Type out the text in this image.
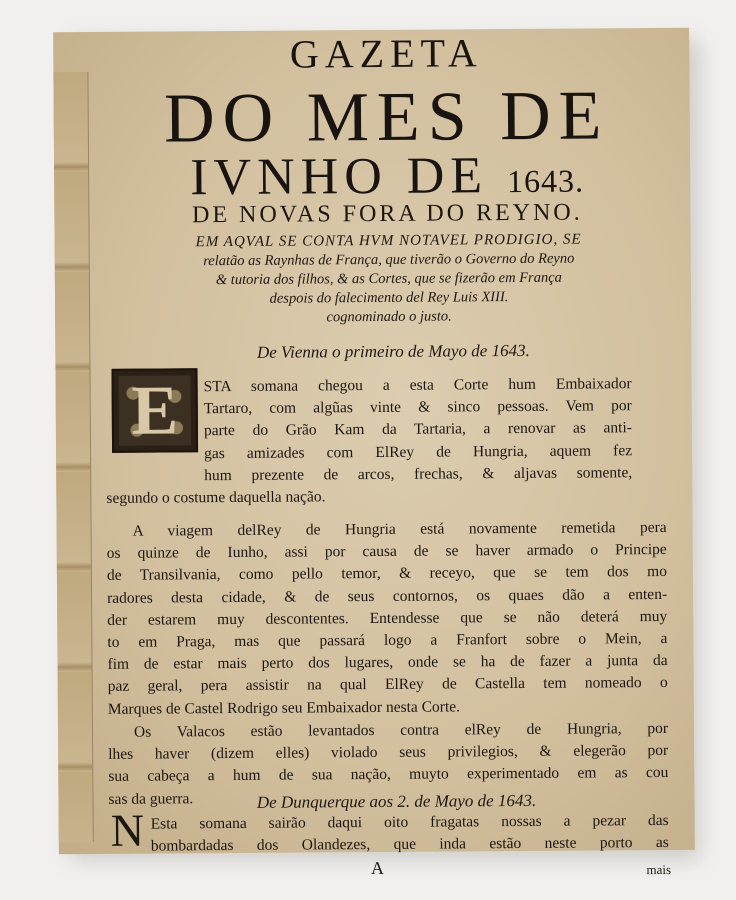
GAZETA
DO MES DE
IVNHO DE 1643.
DE NOVAS FORA DO REYNO.
EM AQVAL SE CONTA HVM NOTAVEL PRODIGIO, SE
relatão as Raynhas de França, que tiverão o Governo do Reyno
& tutoria dos filhos, & as Cortes, que se fizerão em França
despois do falecimento del Rey Luis XIII.
cognominado o justo.
De Vienna o primeiro de Mayo de 1643.
E	STA somana chegou a esta Corte hum Embaixador
Tartaro, com algũas vinte & sinco pessoas. Vem por
parte do Grão Kam da Tartaria, a renovar as anti-
gas amizades com ElRey de Hungria, aquem fez
hum prezente de arcos, frechas, & aljavas somente,
segundo o costume daquella nação.
A viagem delRey de Hungria está novamente remetida pera
os quinze de Iunho, assi por causa de se haver armado o Principe
de Transilvania, como pello temor, & receyo, que se tem dos mo
radores desta cidade, & de seus contornos, os quaes dão a enten-
der estarem muy descontentes. Entendesse que se não deterá muy
to em Praga, mas que passará logo a Franfort sobre o Mein, a
fim de estar mais perto dos lugares, onde se ha de fazer a junta da
paz geral, pera assistir na qual ElRey de Castella tem nomeado o
Marques de Castel Rodrigo seu Embaixador nesta Corte.
Os Valacos estão levantados contra elRey de Hungria, por
lhes haver (dizem elles) violado seus privilegios, & elegerão por
sua cabeça a hum de sua nação, muyto experimentado em as cou
sas da guerra.	De Dunquerque aos 2. de Mayo de 1643.
N Esta somana sairão daqui oito fragatas nossas a pezar das
bombardadas dos Olandezes, que inda estão neste porto as
A	mais
